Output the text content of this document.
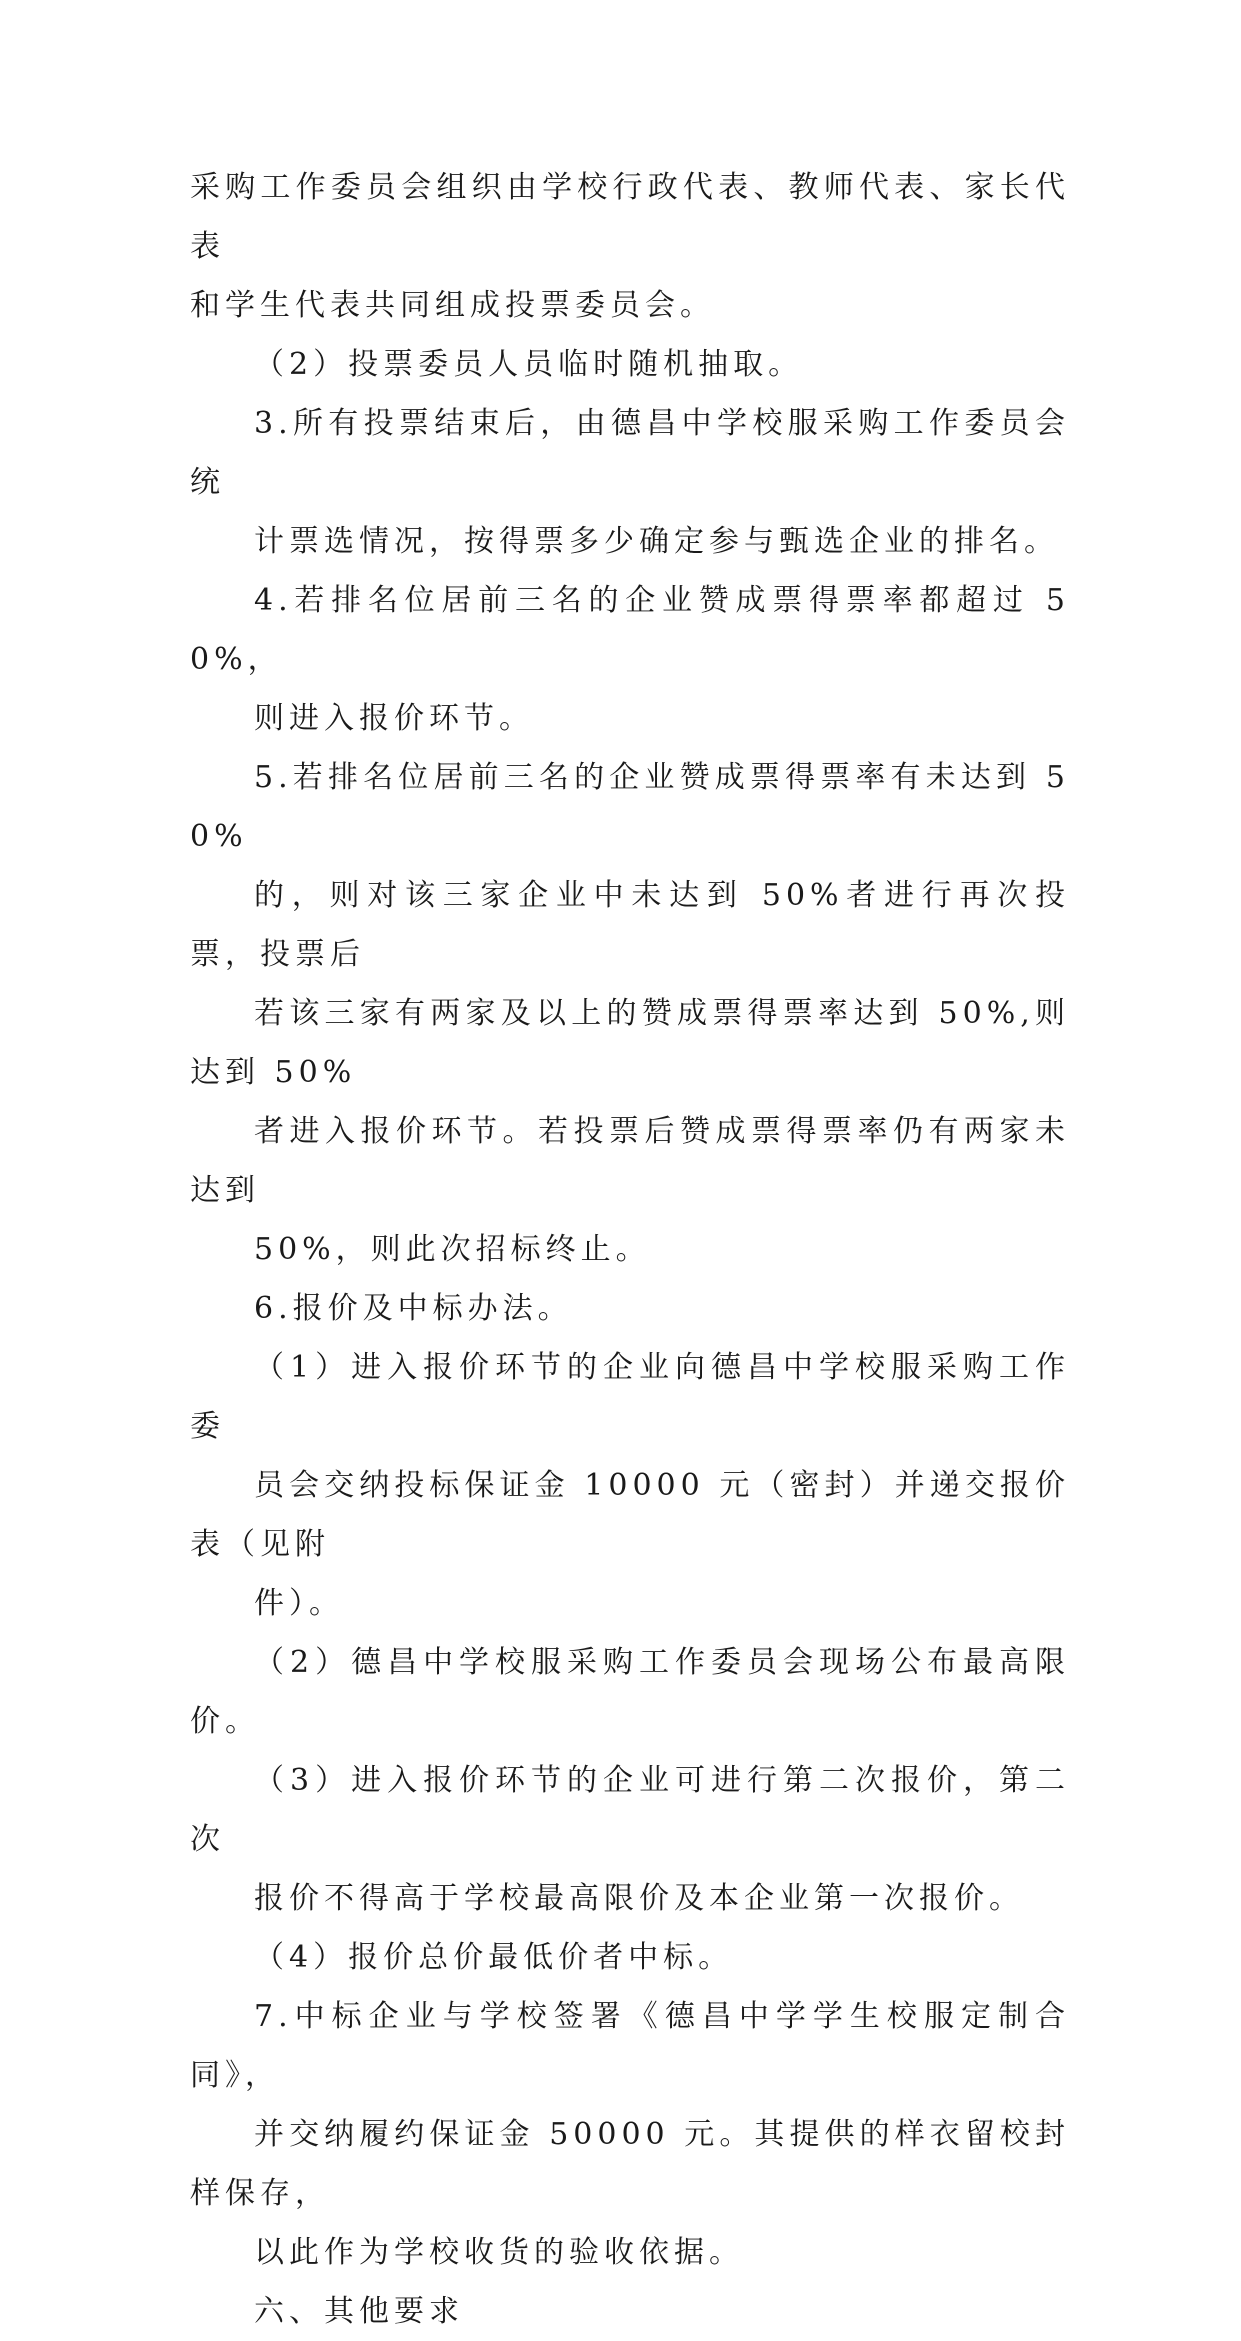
采购工作委员会组织由学校行政代表、教师代表、家长代表
和学生代表共同组成投票委员会。

（2）投票委员人员临时随机抽取。

3.所有投票结束后，由德昌中学校服采购工作委员会统
计票选情况，按得票多少确定参与甄选企业的排名。

4.若排名位居前三名的企业赞成票得票率都超过 50%，
则进入报价环节。

5.若排名位居前三名的企业赞成票得票率有未达到 50%
的，则对该三家企业中未达到 50%者进行再次投票，投票后
若该三家有两家及以上的赞成票得票率达到 50%,则达到 50%
者进入报价环节。若投票后赞成票得票率仍有两家未达到
50%，则此次招标终止。

6.报价及中标办法。

（1）进入报价环节的企业向德昌中学校服采购工作委
员会交纳投标保证金 10000 元（密封）并递交报价表（见附
件）。

（2）德昌中学校服采购工作委员会现场公布最高限价。

（3）进入报价环节的企业可进行第二次报价，第二次
报价不得高于学校最高限价及本企业第一次报价。

（4）报价总价最低价者中标。

7.中标企业与学校签署《德昌中学学生校服定制合同》，
并交纳履约保证金 50000 元。其提供的样衣留校封样保存，
以此作为学校收货的验收依据。

六、其他要求
